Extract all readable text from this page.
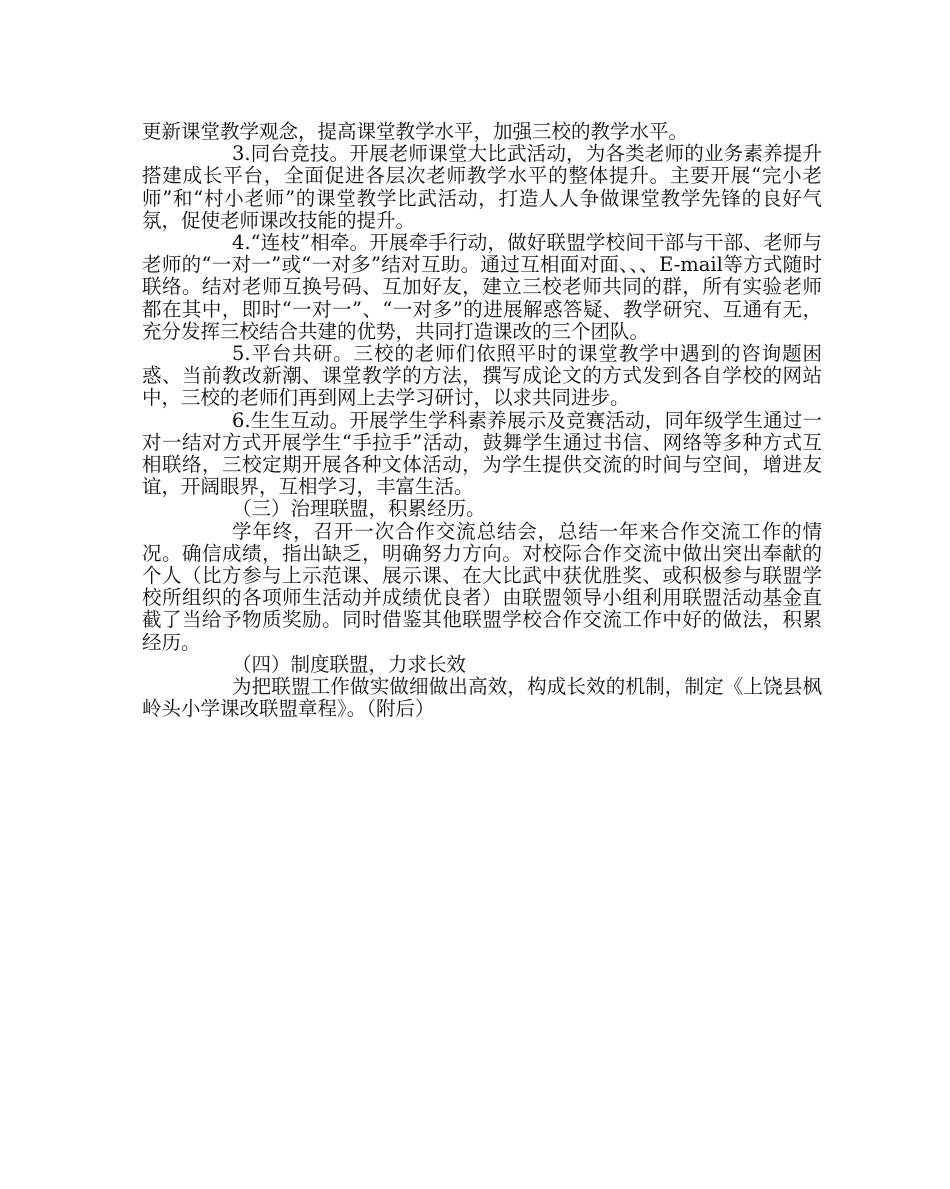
更新课堂教学观念，提高课堂教学水平，加强三校的教学水平。

3.同台竞技。开展老师课堂大比武活动，为各类老师的业务素养提升搭建成长平台，全面促进各层次老师教学水平的整体提升。主要开展“完小老师”和“村小老师”的课堂教学比武活动，打造人人争做课堂教学先锋的良好气氛，促使老师课改技能的提升。

4.“连枝”相牵。开展牵手行动，做好联盟学校间干部与干部、老师与老师的“一对一”或“一对多”结对互助。通过互相面对面、、、E-mail等方式随时联络。结对老师互换号码、互加好友，建立三校老师共同的群，所有实验老师都在其中，即时“一对一”、“一对多”的进展解惑答疑、教学研究、互通有无，充分发挥三校结合共建的优势，共同打造课改的三个团队。

5.平台共研。三校的老师们依照平时的课堂教学中遇到的咨询题困惑、当前教改新潮、课堂教学的方法，撰写成论文的方式发到各自学校的网站中，三校的老师们再到网上去学习研讨，以求共同进步。

6.生生互动。开展学生学科素养展示及竞赛活动，同年级学生通过一对一结对方式开展学生“手拉手”活动，鼓舞学生通过书信、网络等多种方式互相联络，三校定期开展各种文体活动，为学生提供交流的时间与空间，增进友谊，开阔眼界，互相学习，丰富生活。

（三）治理联盟，积累经历。

学年终，召开一次合作交流总结会，总结一年来合作交流工作的情况。确信成绩，指出缺乏，明确努力方向。对校际合作交流中做出突出奉献的个人（比方参与上示范课、展示课、在大比武中获优胜奖、或积极参与联盟学校所组织的各项师生活动并成绩优良者）由联盟领导小组利用联盟活动基金直截了当给予物质奖励。同时借鉴其他联盟学校合作交流工作中好的做法，积累经历。

（四）制度联盟，力求长效

为把联盟工作做实做细做出高效，构成长效的机制，制定《上饶县枫岭头小学课改联盟章程》。（附后）
